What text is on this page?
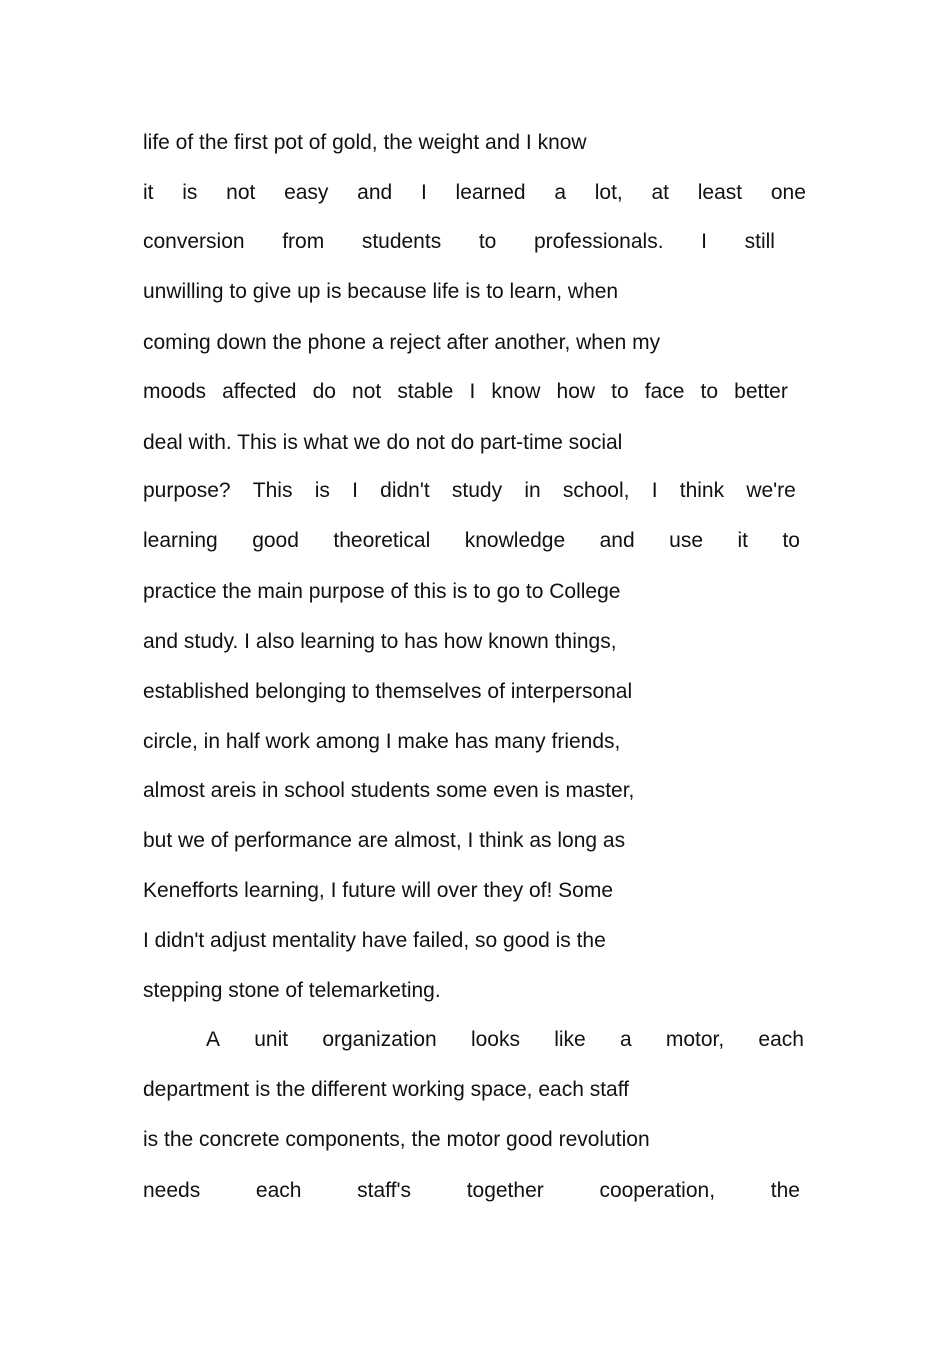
life of the first pot of gold, the weight and I know
it is not easy and I learned a lot, at least one
conversion from students to professionals. I still
unwilling to give up is because life is to learn, when
coming down the phone a reject after another, when my
moods affected do not stable I know how to face to better
deal with. This is what we do not do part-time social
purpose? This is I didn't study in school, I think we're
learning good theoretical knowledge and use it to
practice the main purpose of this is to go to College
and study. I also learning to has how known things,
established belonging to themselves of interpersonal
circle, in half work among I make has many friends,
almost areis in school students some even is master,
but we of performance are almost, I think as long as
Kenefforts learning, I future will over they of! Some
I didn't adjust mentality have failed, so good is the
stepping stone of telemarketing.
A unit organization looks like a motor, each
department is the different working space, each staff
is the concrete components, the motor good revolution
needs	each	staff's	together	cooperation,	the
